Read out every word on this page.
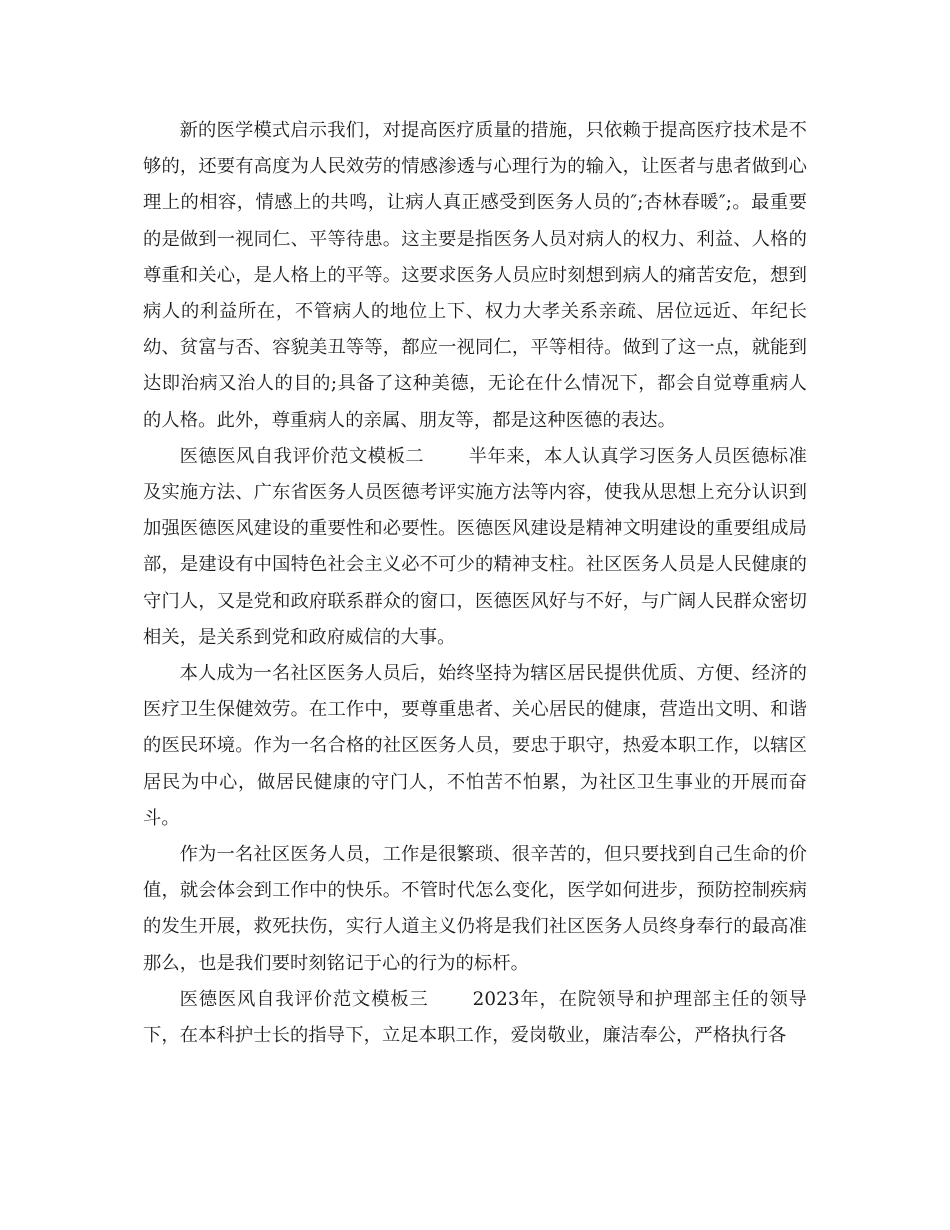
新的医学模式启示我们，对提高医疗质量的措施，只依赖于提高医疗技术是不够的，还要有高度为人民效劳的情感渗透与心理行为的输入，让医者与患者做到心理上的相容，情感上的共鸣，让病人真正感受到医务人员的″;杏林春暖″;。最重要的是做到一视同仁、平等待患。这主要是指医务人员对病人的权力、利益、人格的尊重和关心，是人格上的平等。这要求医务人员应时刻想到病人的痛苦安危，想到病人的利益所在，不管病人的地位上下、权力大孝关系亲疏、居位远近、年纪长幼、贫富与否、容貌美丑等等，都应一视同仁，平等相待。做到了这一点，就能到达即治病又治人的目的;具备了这种美德，无论在什么情况下，都会自觉尊重病人的人格。此外，尊重病人的亲属、朋友等，都是这种医德的表达。

医德医风自我评价范文模板二 半年来，本人认真学习医务人员医德标准及实施方法、广东省医务人员医德考评实施方法等内容，使我从思想上充分认识到加强医德医风建设的重要性和必要性。医德医风建设是精神文明建设的重要组成局部，是建设有中国特色社会主义必不可少的精神支柱。社区医务人员是人民健康的守门人，又是党和政府联系群众的窗口，医德医风好与不好，与广阔人民群众密切相关，是关系到党和政府威信的大事。

本人成为一名社区医务人员后，始终坚持为辖区居民提供优质、方便、经济的医疗卫生保健效劳。在工作中，要尊重患者、关心居民的健康，营造出文明、和谐的医民环境。作为一名合格的社区医务人员，要忠于职守，热爱本职工作，以辖区居民为中心，做居民健康的守门人，不怕苦不怕累，为社区卫生事业的开展而奋斗。

作为一名社区医务人员，工作是很繁琐、很辛苦的，但只要找到自己生命的价值，就会体会到工作中的快乐。不管时代怎么变化，医学如何进步，预防控制疾病的发生开展，救死扶伤，实行人道主义仍将是我们社区医务人员终身奉行的最高准那么，也是我们要时刻铭记于心的行为的标杆。

医德医风自我评价范文模板三 2023年，在院领导和护理部主任的领导下，在本科护士长的指导下，立足本职工作，爱岗敬业，廉洁奉公，严格执行各
